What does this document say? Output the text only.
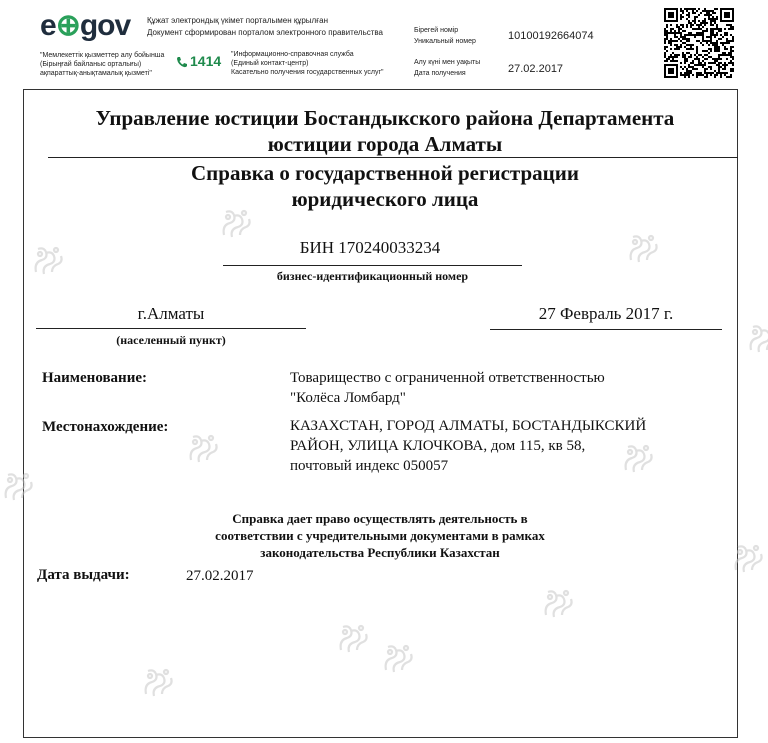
e⊕gov
"Мемлекеттік қызметтер алу бойынша
(Бірыңғай байланыс орталығы)
ақпараттық-анықтамалық қызметі"
Құжат электрондық үкімет порталымен құрылған
Документ сформирован порталом электронного правительства
1414 "Информационно-справочная служба
(Единый контакт-центр)
Касательно получения государственных услуг"
Бірегей номір
Уникальный номер	10100192664074
Алу күні мен уақыты
Дата получения	27.02.2017
Управление юстиции Бостандыкского района Департамента
юстиции города Алматы
Справка о государственной регистрации
юридического лица
БИН 170240033234
бизнес-идентификационный номер
г.Алматы
(населенный пункт)
27 Февраль 2017 г.
Наименование:	Товарищество с ограниченной ответственностью
"Колёса Ломбард"
Местонахождение:	КАЗАХСТАН, ГОРОД АЛМАТЫ, БОСТАНДЫКСКИЙ
РАЙОН, УЛИЦА КЛОЧКОВА, дом 115, кв 58,
почтовый индекс 050057
Справка дает право осуществлять деятельность в
соответствии с учредительными документами в рамках
законодательства Республики Казахстан
Дата выдачи:	27.02.2017
